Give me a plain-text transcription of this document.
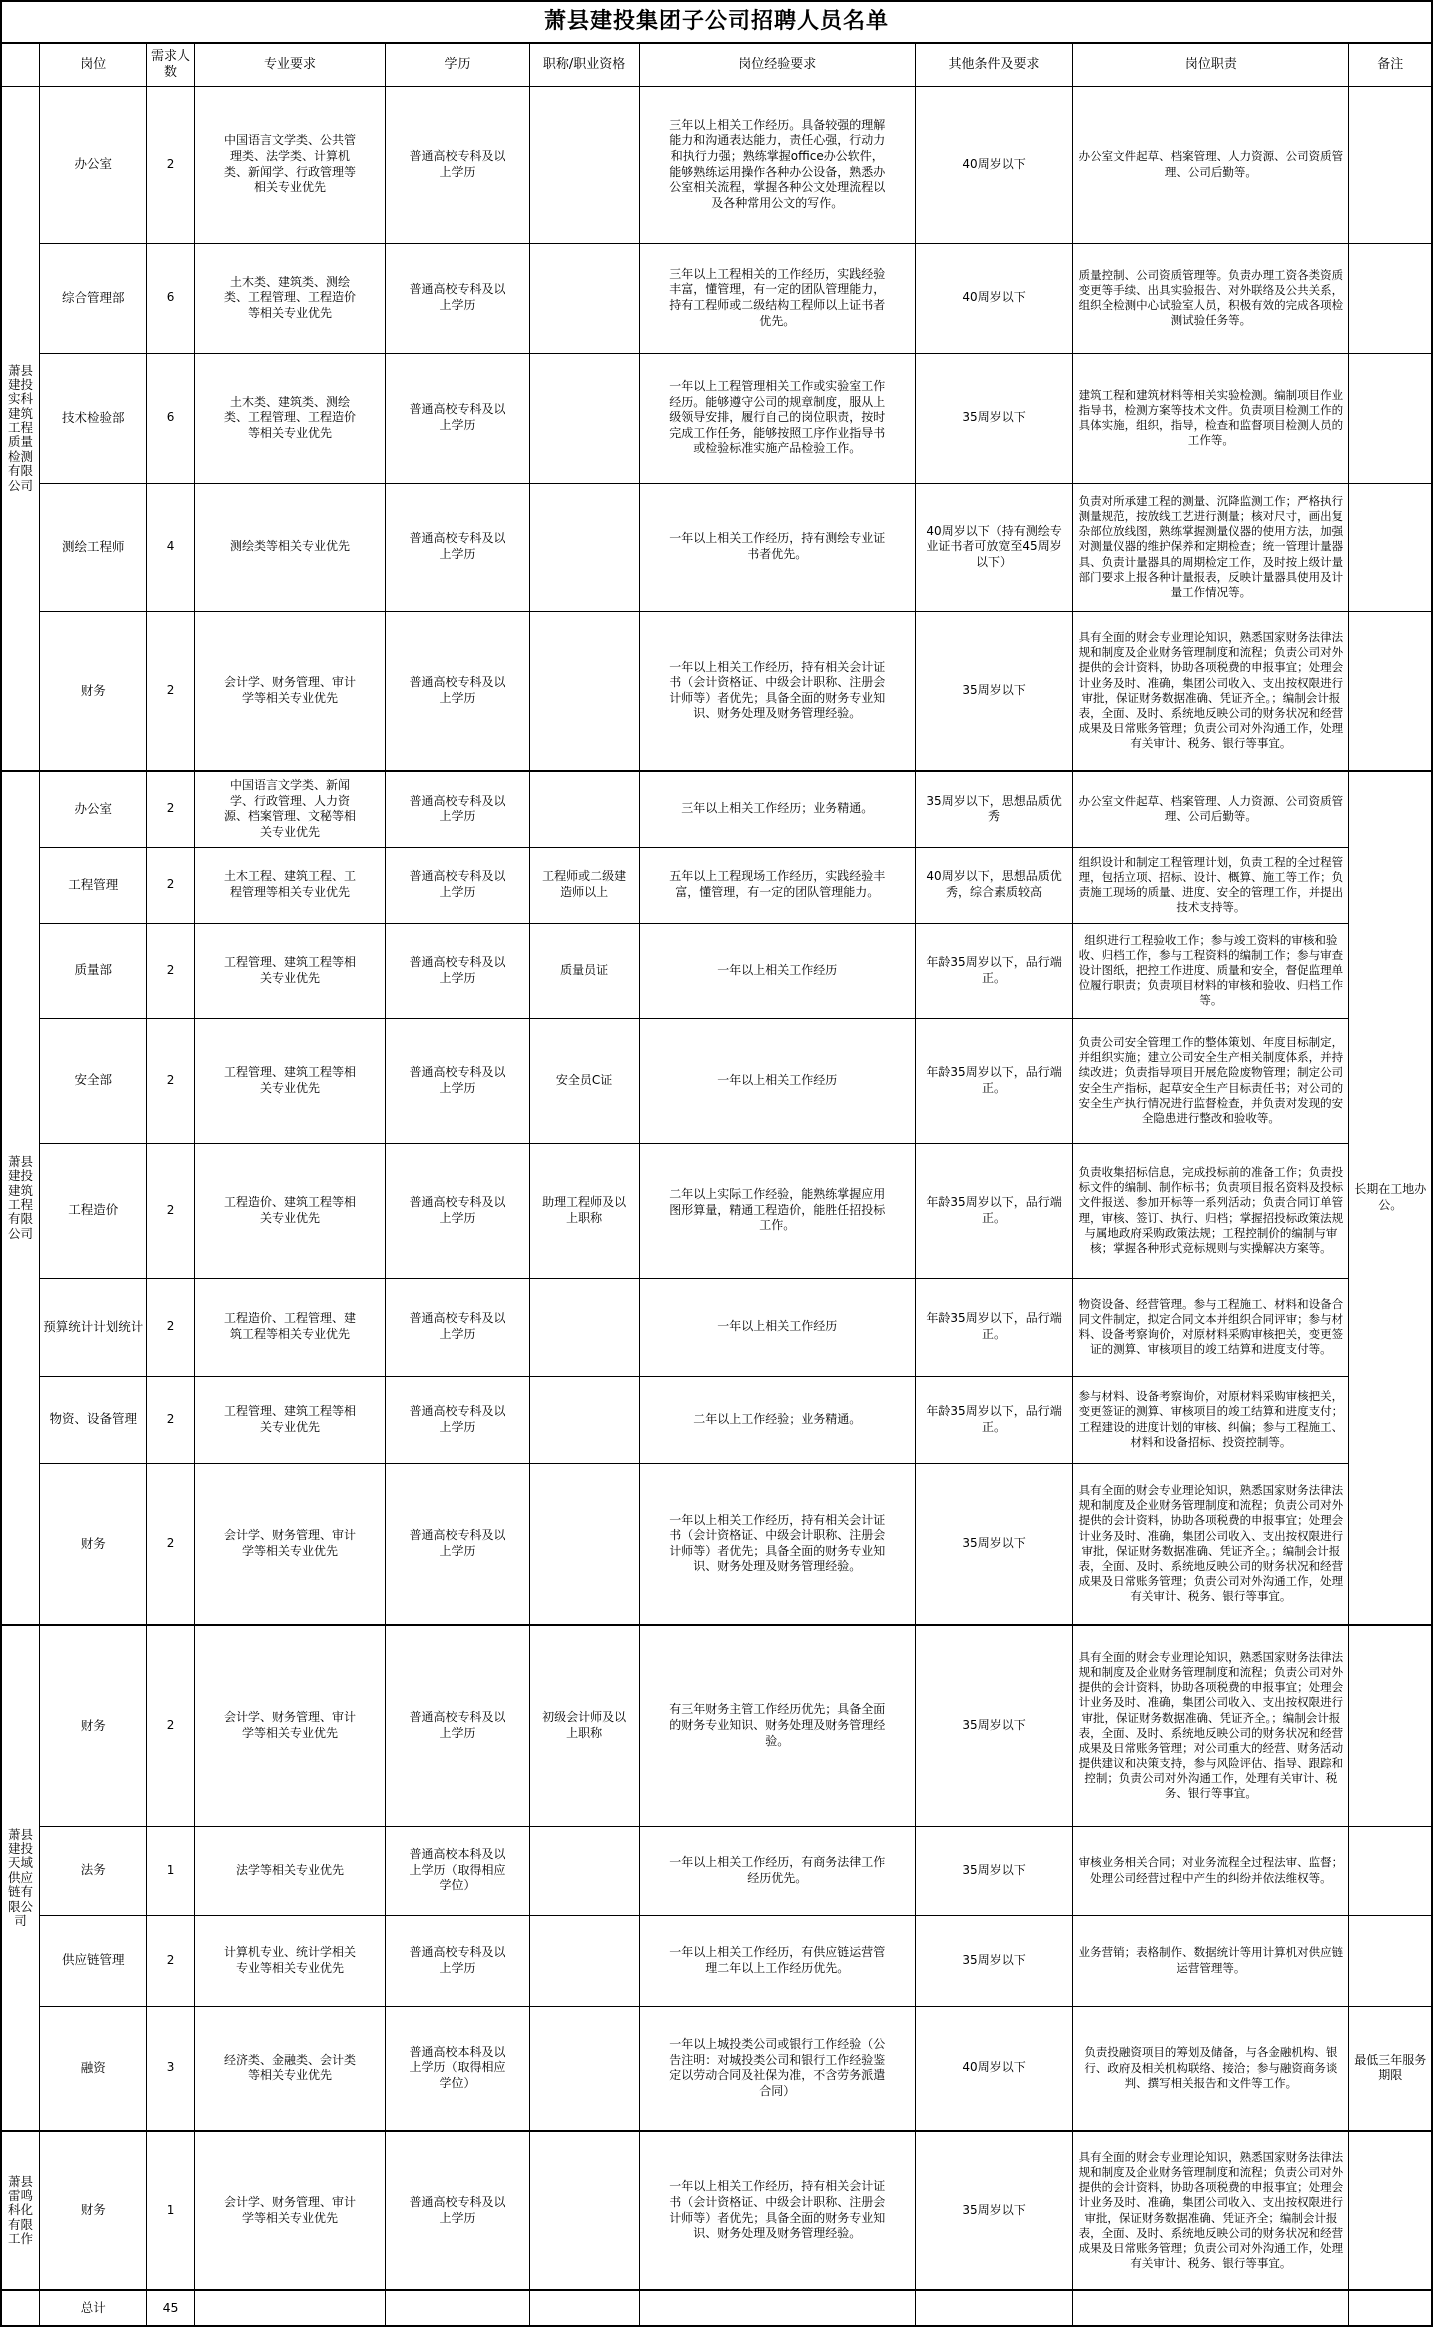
萧县建投集团子公司招聘人员名单									
	岗位	需求人数	专业要求	学历	职称/职业资格	岗位经验要求	其他条件及要求	岗位职责	备注
萧县建投实科建筑工程质量检测有限公司	办公室	2	中国语言文学类、公共管理类、法学类、计算机类、新闻学、行政管理等相关专业优先	普通高校专科及以上学历		三年以上相关工作经历。具备较强的理解能力和沟通表达能力，责任心强，行动力和执行力强；熟练掌握office办公软件，能够熟练运用操作各种办公设备，熟悉办公室相关流程，掌握各种公文处理流程以及各种常用公文的写作。	40周岁以下	办公室文件起草、档案管理、人力资源、公司资质管理、公司后勤等。	
	综合管理部	6	土木类、建筑类、测绘类、工程管理、工程造价等相关专业优先	普通高校专科及以上学历		三年以上工程相关的工作经历，实践经验丰富，懂管理，有一定的团队管理能力，持有工程师或二级结构工程师以上证书者优先。	40周岁以下	质量控制、公司资质管理等。负责办理工资各类资质变更等手续、出具实验报告、对外联络及公共关系，组织全检测中心试验室人员，积极有效的完成各项检测试验任务等。	
	技术检验部	6	土木类、建筑类、测绘类、工程管理、工程造价等相关专业优先	普通高校专科及以上学历		一年以上工程管理相关工作或实验室工作经历。能够遵守公司的规章制度，服从上级领导安排，履行自己的岗位职责，按时完成工作任务，能够按照工序作业指导书或检验标准实施产品检验工作。	35周岁以下	建筑工程和建筑材料等相关实验检测。编制项目作业指导书，检测方案等技术文件。负责项目检测工作的具体实施，组织，指导，检查和监督项目检测人员的工作等。	
	测绘工程师	4	测绘类等相关专业优先	普通高校专科及以上学历		一年以上相关工作经历，持有测绘专业证书者优先。	40周岁以下（持有测绘专业证书者可放宽至45周岁以下）	负责对所承建工程的测量、沉降监测工作；严格执行测量规范，按放线工艺进行测量；核对尺寸，画出复杂部位放线图，熟练掌握测量仪器的使用方法，加强对测量仪器的维护保养和定期检查；统一管理计量器具、负责计量器具的周期检定工作，及时按上级计量部门要求上报各种计量报表，反映计量器具使用及计量工作情况等。	
	财务	2	会计学、财务管理、审计学等相关专业优先	普通高校专科及以上学历		一年以上相关工作经历，持有相关会计证书（会计资格证、中级会计职称、注册会计师等）者优先；具备全面的财务专业知识、财务处理及财务管理经验。	35周岁以下	具有全面的财会专业理论知识，熟悉国家财务法律法规和制度及企业财务管理制度和流程；负责公司对外提供的会计资料，协助各项税费的申报事宜；处理会计业务及时、准确，集团公司收入、支出按权限进行审批，保证财务数据准确、凭证齐全。；编制会计报表，全面、及时、系统地反映公司的财务状况和经营成果及日常账务管理；负责公司对外沟通工作，处理有关审计、税务、银行等事宜。	
萧县建投建筑工程有限公司	办公室	2	中国语言文学类、新闻学、行政管理、人力资源、档案管理、文秘等相关专业优先	普通高校专科及以上学历		三年以上相关工作经历；业务精通。	35周岁以下，思想品质优秀	办公室文件起草、档案管理、人力资源、公司资质管理、公司后勤等。	长期在工地办公。
	工程管理	2	土木工程、建筑工程、工程管理等相关专业优先	普通高校专科及以上学历	工程师或二级建造师以上	五年以上工程现场工作经历，实践经验丰富，懂管理，有一定的团队管理能力。	40周岁以下，思想品质优秀，综合素质较高	组织设计和制定工程管理计划，负责工程的全过程管理，包括立项、招标、设计、概算、施工等工作；负责施工现场的质量、进度、安全的管理工作，并提出技术支持等。	
	质量部	2	工程管理、建筑工程等相关专业优先	普通高校专科及以上学历	质量员证	一年以上相关工作经历	年龄35周岁以下，品行端正。	组织进行工程验收工作；参与竣工资料的审核和验收、归档工作，参与工程资料的编制工作；参与审查设计图纸，把控工作进度、质量和安全，督促监理单位履行职责；负责项目材料的审核和验收、归档工作等。	
	安全部	2	工程管理、建筑工程等相关专业优先	普通高校专科及以上学历	安全员C证	一年以上相关工作经历	年龄35周岁以下，品行端正。	负责公司安全管理工作的整体策划、年度目标制定，并组织实施；建立公司安全生产相关制度体系，并持续改进；负责指导项目开展危险废物管理；制定公司安全生产指标，起草安全生产目标责任书；对公司的安全生产执行情况进行监督检查，并负责对发现的安全隐患进行整改和验收等。	
	工程造价	2	工程造价、建筑工程等相关专业优先	普通高校专科及以上学历	助理工程师及以上职称	二年以上实际工作经验，能熟练掌握应用图形算量，精通工程造价，能胜任招投标工作。	年龄35周岁以下，品行端正。	负责收集招标信息，完成投标前的准备工作；负责投标文件的编制、制作标书；负责项目报名资料及投标文件报送、参加开标等一系列活动；负责合同订单管理，审核、签订、执行、归档；掌握招投标政策法规与属地政府采购政策法规；工程控制价的编制与审核；掌握各种形式竞标规则与实操解决方案等。	
	预算统计计划统计	2	工程造价、工程管理、建筑工程等相关专业优先	普通高校专科及以上学历		一年以上相关工作经历	年龄35周岁以下，品行端正。	物资设备、经营管理。参与工程施工、材料和设备合同文件制定，拟定合同文本并组织合同评审；参与材料、设备考察询价，对原材料采购审核把关，变更签证的测算、审核项目的竣工结算和进度支付等。	
	物资、设备管理	2	工程管理、建筑工程等相关专业优先	普通高校专科及以上学历		二年以上工作经验；业务精通。	年龄35周岁以下，品行端正。	参与材料、设备考察询价，对原材料采购审核把关，变更签证的测算、审核项目的竣工结算和进度支付；工程建设的进度计划的审核、纠偏；参与工程施工、材料和设备招标、投资控制等。	
	财务	2	会计学、财务管理、审计学等相关专业优先	普通高校专科及以上学历		一年以上相关工作经历，持有相关会计证书（会计资格证、中级会计职称、注册会计师等）者优先；具备全面的财务专业知识、财务处理及财务管理经验。	35周岁以下	具有全面的财会专业理论知识，熟悉国家财务法律法规和制度及企业财务管理制度和流程；负责公司对外提供的会计资料，协助各项税费的申报事宜；处理会计业务及时、准确，集团公司收入、支出按权限进行审批，保证财务数据准确、凭证齐全。；编制会计报表，全面、及时、系统地反映公司的财务状况和经营成果及日常账务管理；负责公司对外沟通工作，处理有关审计、税务、银行等事宜。	
萧县建投天域供应链有限公司	财务	2	会计学、财务管理、审计学等相关专业优先	普通高校专科及以上学历	初级会计师及以上职称	有三年财务主管工作经历优先；具备全面的财务专业知识、财务处理及财务管理经验。	35周岁以下	具有全面的财会专业理论知识，熟悉国家财务法律法规和制度及企业财务管理制度和流程；负责公司对外提供的会计资料，协助各项税费的申报事宜；处理会计业务及时、准确，集团公司收入、支出按权限进行审批，保证财务数据准确、凭证齐全。；编制会计报表，全面、及时、系统地反映公司的财务状况和经营成果及日常账务管理；对公司重大的经营、财务活动提供建议和决策支持，参与风险评估、指导、跟踪和控制；负责公司对外沟通工作，处理有关审计、税务、银行等事宜。	
	法务	1	法学等相关专业优先	普通高校本科及以上学历（取得相应学位）		一年以上相关工作经历，有商务法律工作经历优先。	35周岁以下	审核业务相关合同；对业务流程全过程法审、监督；处理公司经营过程中产生的纠纷并依法维权等。	
	供应链管理	2	计算机专业、统计学相关专业等相关专业优先	普通高校专科及以上学历		一年以上相关工作经历，有供应链运营管理二年以上工作经历优先。	35周岁以下	业务营销；表格制作、数据统计等用计算机对供应链运营管理等。	
	融资	3	经济类、金融类、会计类等相关专业优先	普通高校本科及以上学历（取得相应学位）		一年以上城投类公司或银行工作经验（公告注明：对城投类公司和银行工作经验鉴定以劳动合同及社保为准，不含劳务派遣合同）	40周岁以下	负责投融资项目的筹划及储备，与各金融机构、银行、政府及相关机构联络、接洽；参与融资商务谈判、撰写相关报告和文件等工作。	最低三年服务期限
萧县雷鸣科化有限工作	财务	1	会计学、财务管理、审计学等相关专业优先	普通高校专科及以上学历		一年以上相关工作经历，持有相关会计证书（会计资格证、中级会计职称、注册会计师等）者优先；具备全面的财务专业知识、财务处理及财务管理经验。	35周岁以下	具有全面的财会专业理论知识，熟悉国家财务法律法规和制度及企业财务管理制度和流程；负责公司对外提供的会计资料，协助各项税费的申报事宜；处理会计业务及时、准确，集团公司收入、支出按权限进行审批，保证财务数据准确、凭证齐全；编制会计报表，全面、及时、系统地反映公司的财务状况和经营成果及日常账务管理；负责公司对外沟通工作，处理有关审计、税务、银行等事宜。	
	总计	45							
